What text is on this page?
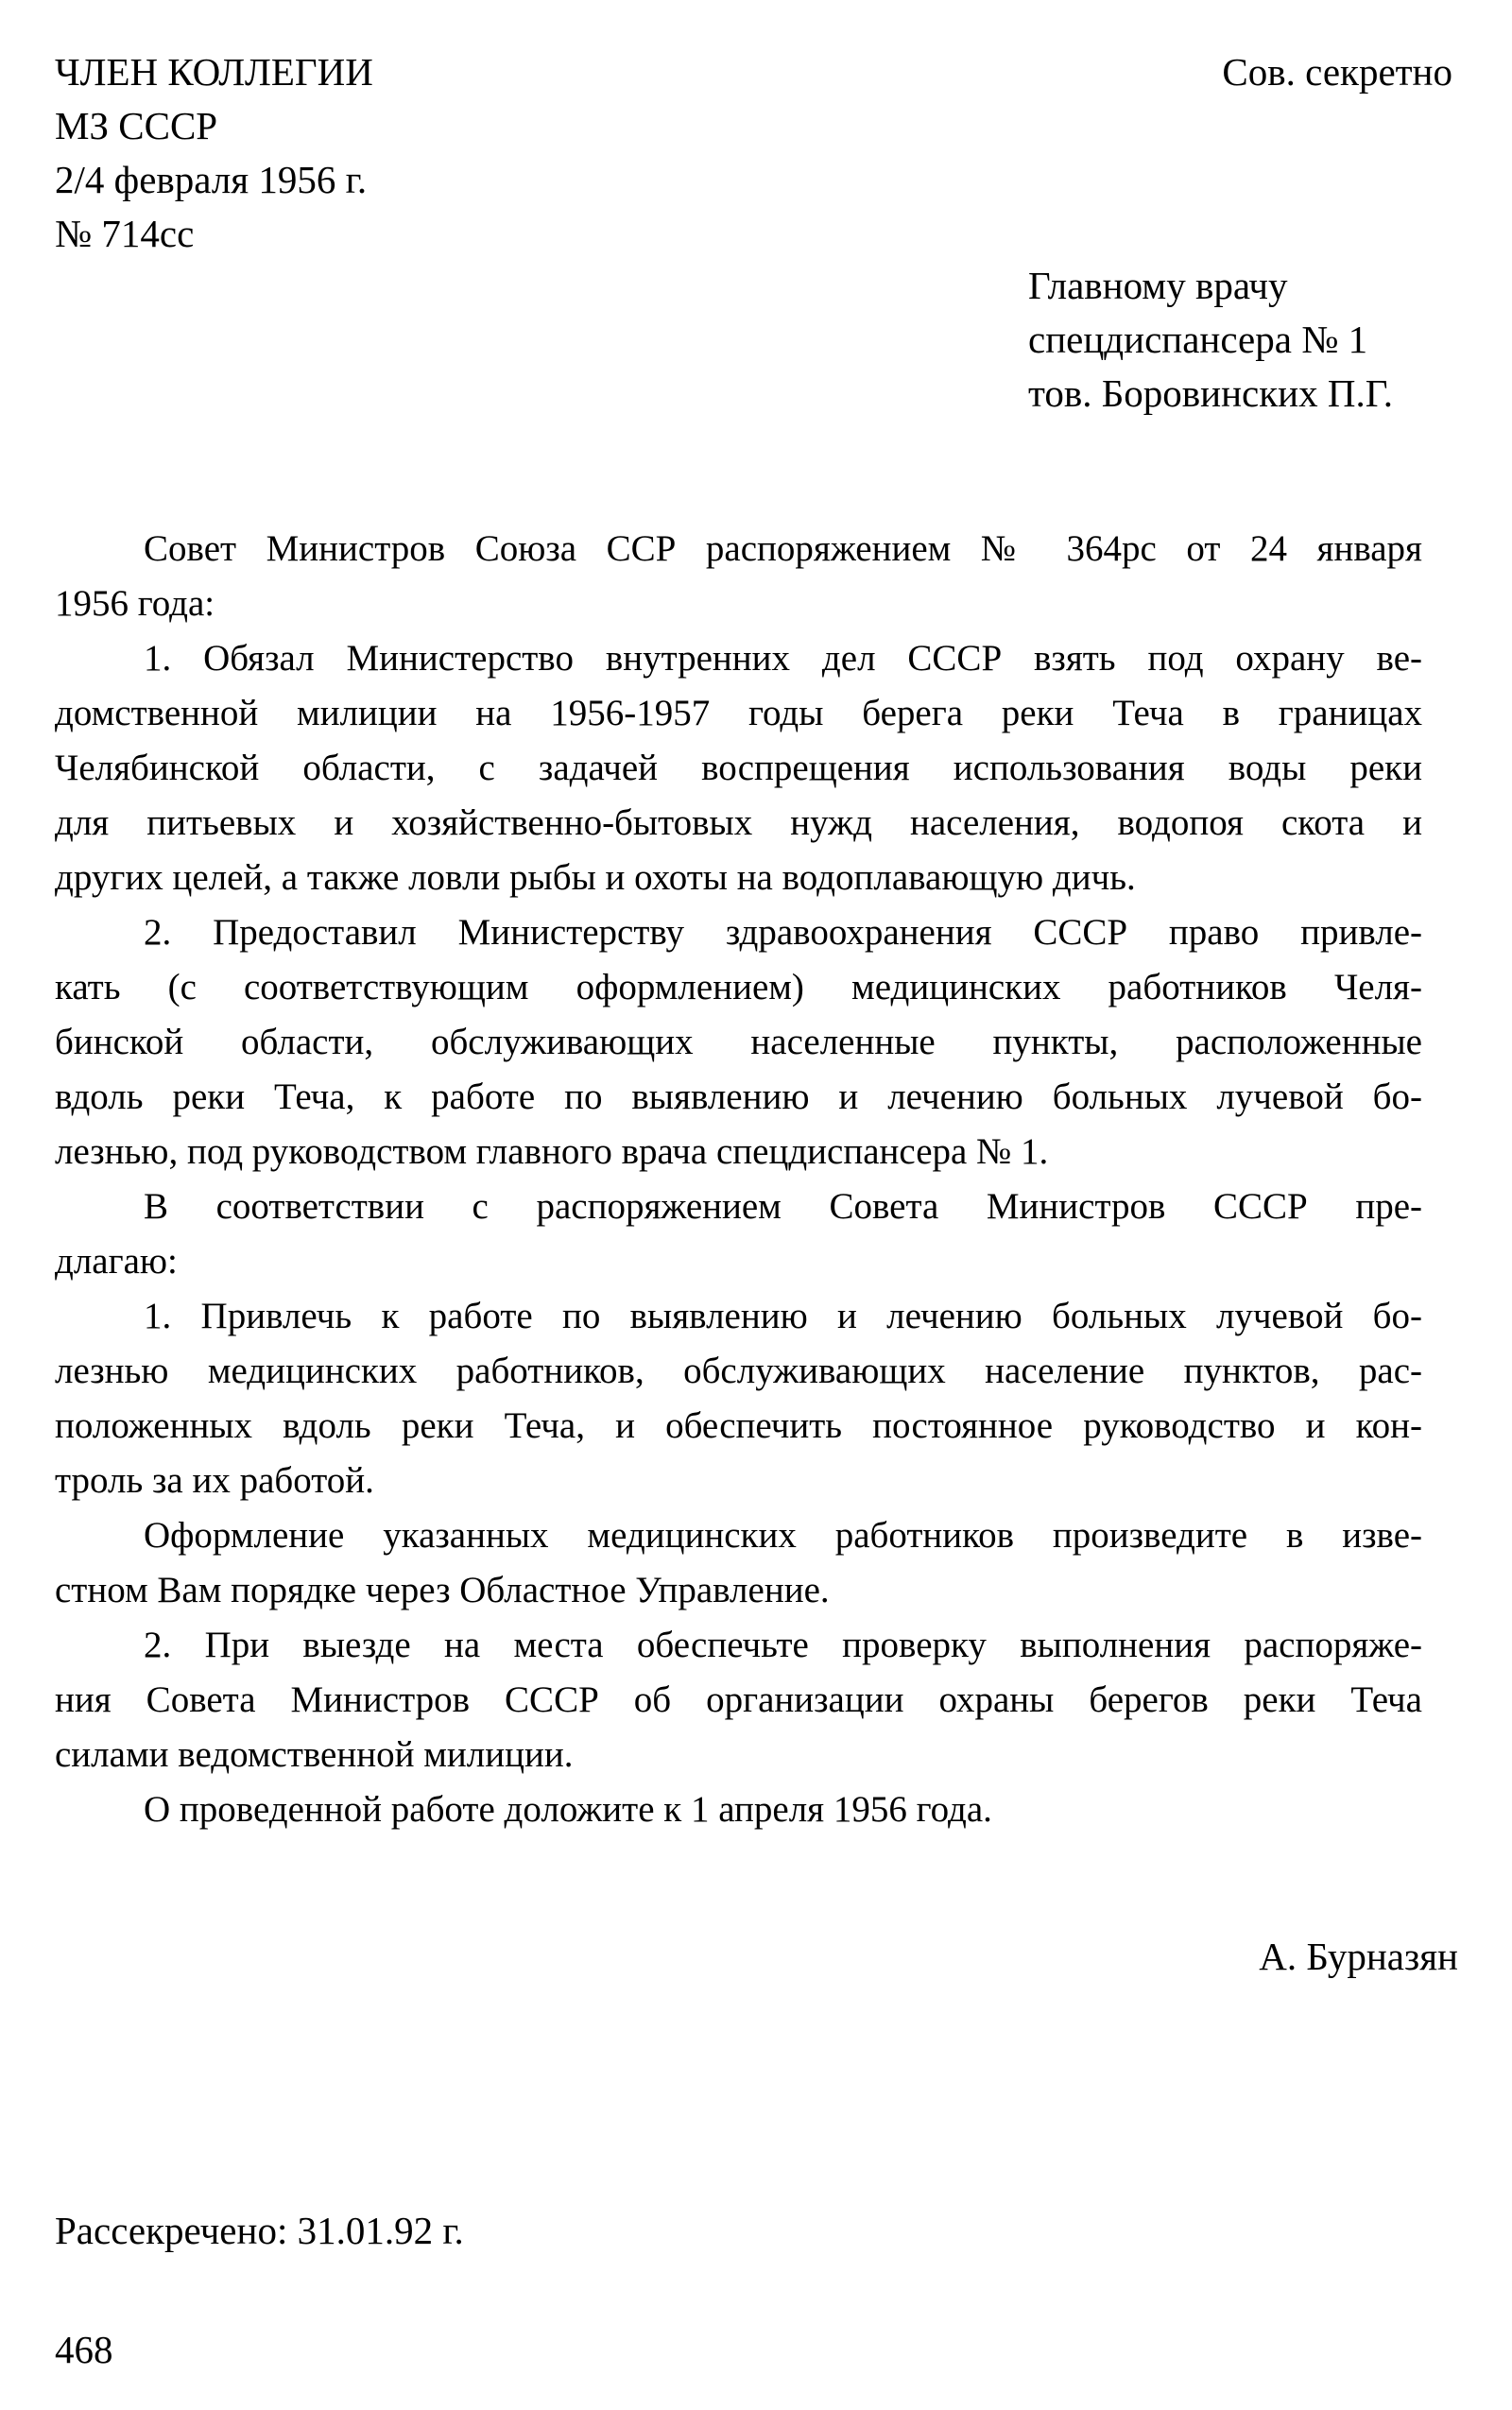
ЧЛЕН КОЛЛЕГИИ
МЗ СССР
2/4 февраля 1956 г.
№ 714сс
Сов. секретно
Главному врачу
спецдиспансера № 1
тов. Боровинских П.Г.
Совет Министров Союза ССР распоряжением № 364рс от 24 января
1956 года:
1. Обязал Министерство внутренних дел СССР взять под охрану ве-
домственной милиции на 1956-1957 годы берега реки Теча в границах
Челябинской области, с задачей воспрещения использования воды реки
для питьевых и хозяйственно-бытовых нужд населения, водопоя скота и
других целей, а также ловли рыбы и охоты на водоплавающую дичь.
2. Предоставил Министерству здравоохранения СССР право привле-
кать (с соответствующим оформлением) медицинских работников Челя-
бинской области, обслуживающих населенные пункты, расположенные
вдоль реки Теча, к работе по выявлению и лечению больных лучевой бо-
лезнью, под руководством главного врача спецдиспансера № 1.
В соответствии с распоряжением Совета Министров СССР пре-
длагаю:
1. Привлечь к работе по выявлению и лечению больных лучевой бо-
лезнью медицинских работников, обслуживающих население пунктов, рас-
положенных вдоль реки Теча, и обеспечить постоянное руководство и кон-
троль за их работой.
Оформление указанных медицинских работников произведите в изве-
стном Вам порядке через Областное Управление.
2. При выезде на места обеспечьте проверку выполнения распоряже-
ния Совета Министров СССР об организации охраны берегов реки Теча
силами ведомственной милиции.
О проведенной работе доложите к 1 апреля 1956 года.
А. Бурназян
Рассекречено: 31.01.92 г.
468
